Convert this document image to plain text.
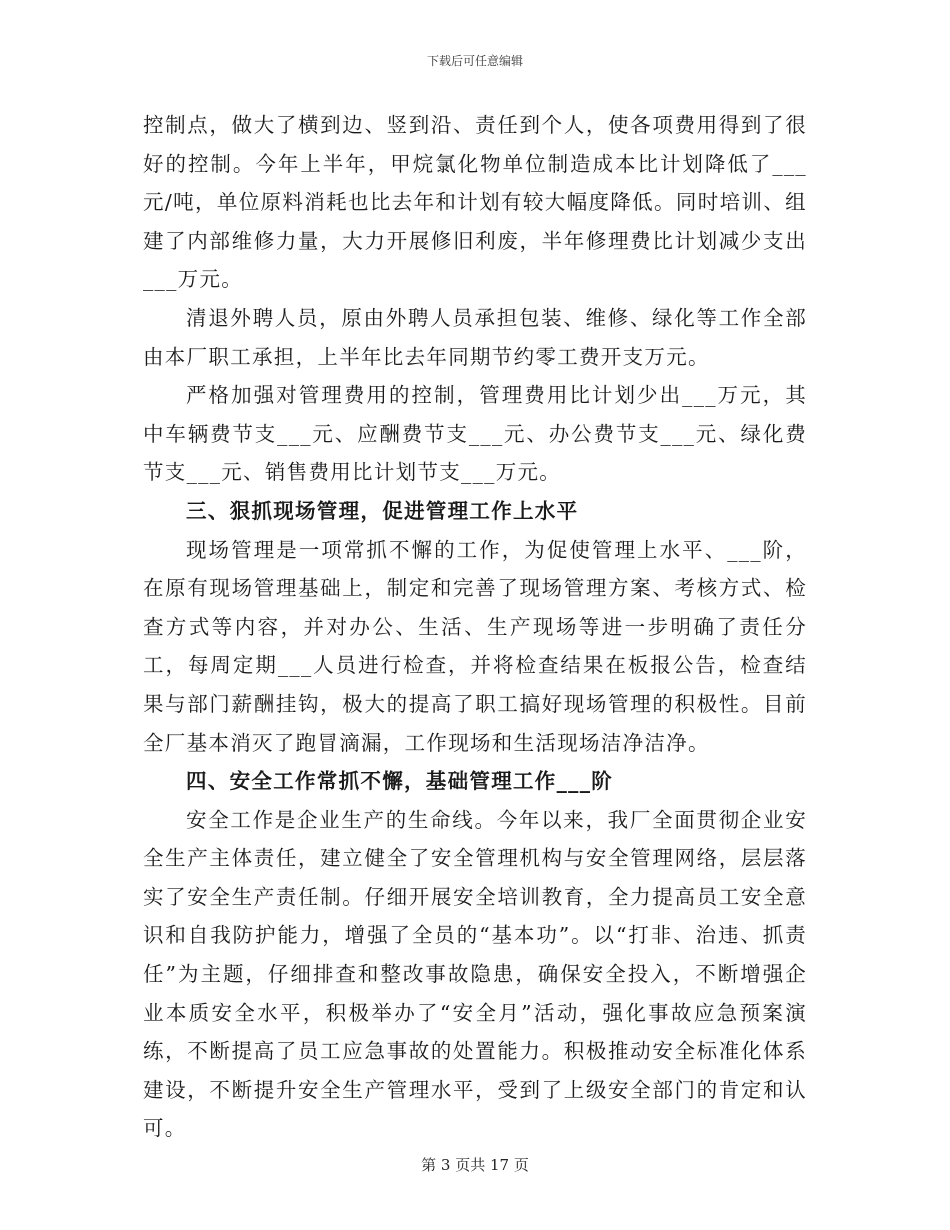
下载后可任意编辑

控制点，做大了横到边、竖到沿、责任到个人，使各项费用得到了很好的控制。今年上半年，甲烷氯化物单位制造成本比计划降低了___元/吨，单位原料消耗也比去年和计划有较大幅度降低。同时培训、组建了内部维修力量，大力开展修旧利废，半年修理费比计划减少支出___万元。

清退外聘人员，原由外聘人员承担包装、维修、绿化等工作全部由本厂职工承担，上半年比去年同期节约零工费开支万元。

严格加强对管理费用的控制，管理费用比计划少出___万元，其中车辆费节支___元、应酬费节支___元、办公费节支___元、绿化费节支___元、销售费用比计划节支___万元。

三、狠抓现场管理，促进管理工作上水平

现场管理是一项常抓不懈的工作，为促使管理上水平、___阶，在原有现场管理基础上，制定和完善了现场管理方案、考核方式、检查方式等内容，并对办公、生活、生产现场等进一步明确了责任分工，每周定期___人员进行检查，并将检查结果在板报公告，检查结果与部门薪酬挂钩，极大的提高了职工搞好现场管理的积极性。目前全厂基本消灭了跑冒滴漏，工作现场和生活现场洁净洁净。

四、安全工作常抓不懈，基础管理工作___阶

安全工作是企业生产的生命线。今年以来，我厂全面贯彻企业安全生产主体责任，建立健全了安全管理机构与安全管理网络，层层落实了安全生产责任制。仔细开展安全培训教育，全力提高员工安全意识和自我防护能力，增强了全员的“基本功”。以“打非、治违、抓责任”为主题，仔细排查和整改事故隐患，确保安全投入，不断增强企业本质安全水平，积极举办了“安全月”活动，强化事故应急预案演练，不断提高了员工应急事故的处置能力。积极推动安全标准化体系建设，不断提升安全生产管理水平，受到了上级安全部门的肯定和认可。

第 3 页共 17 页
